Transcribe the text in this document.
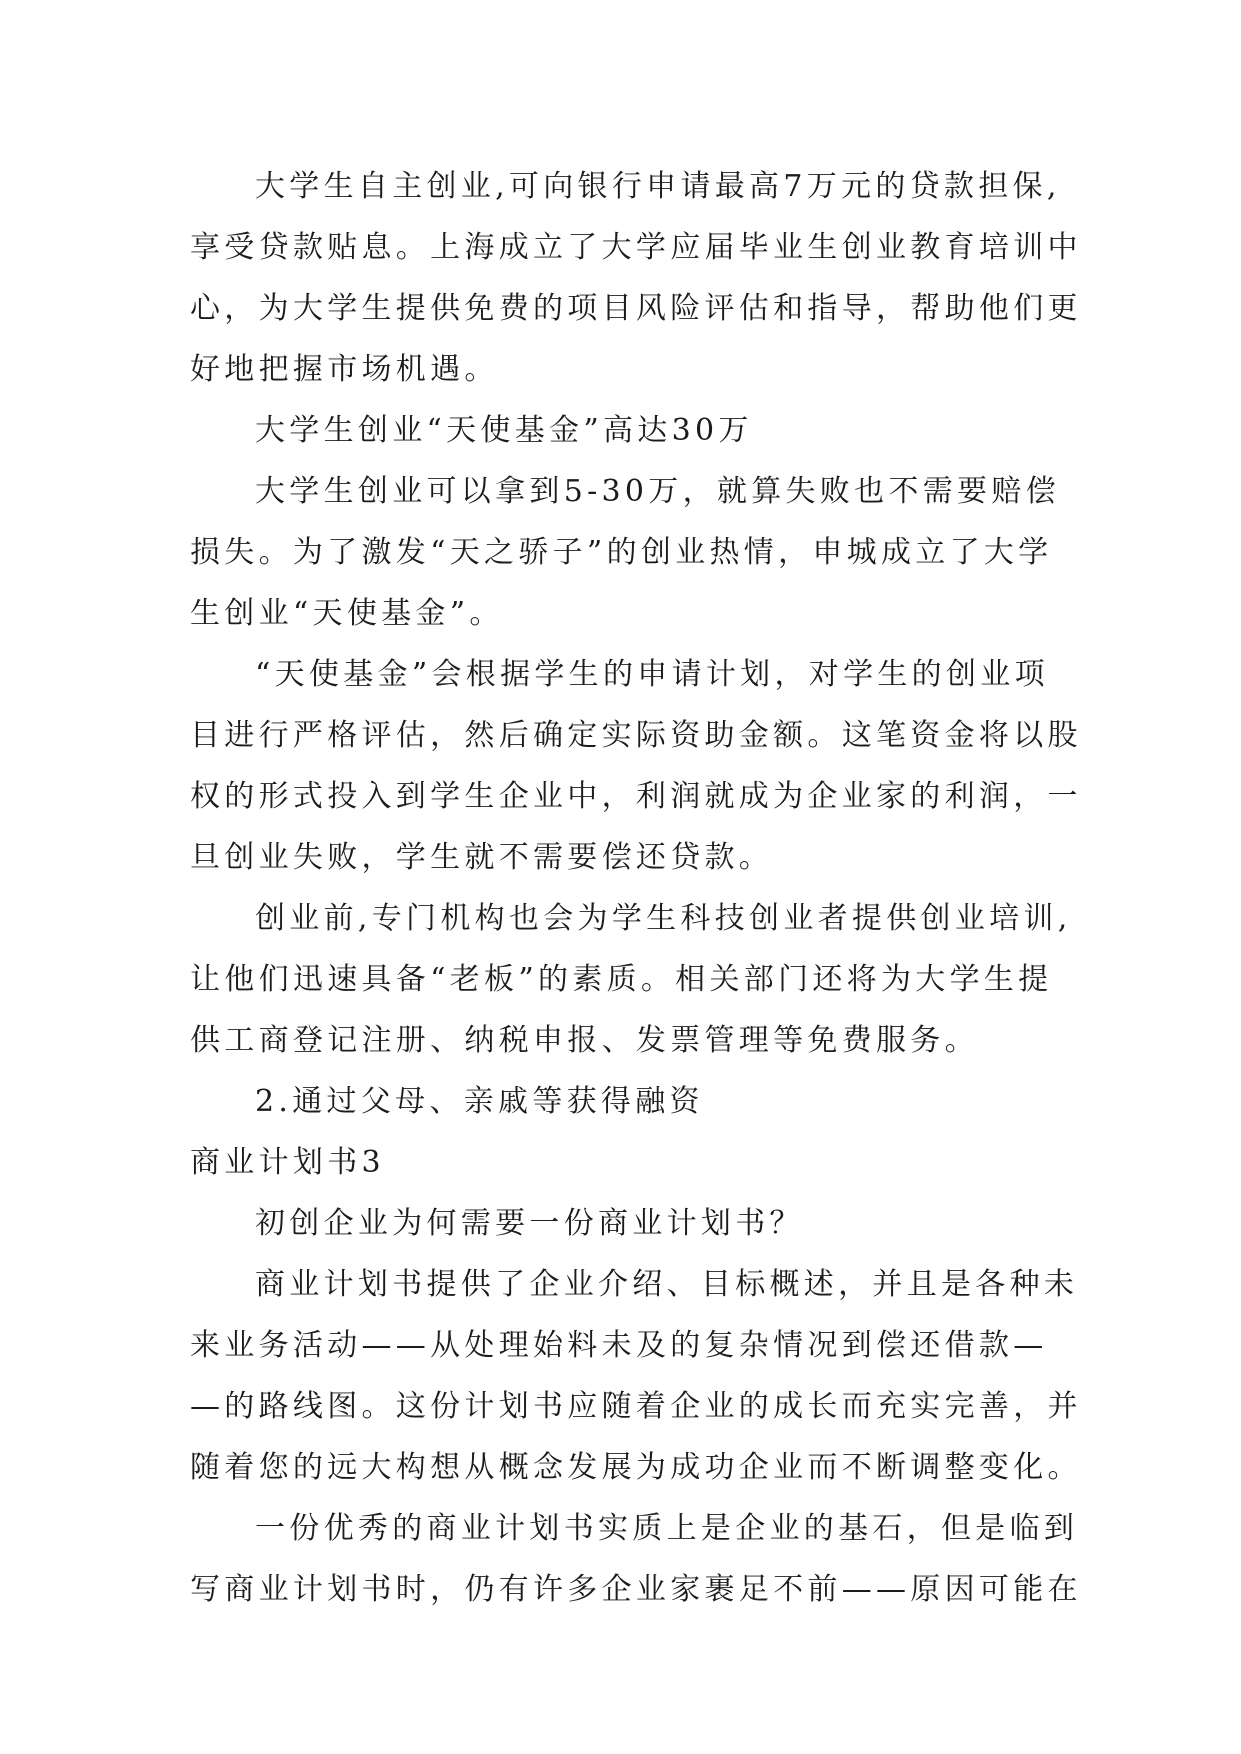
大学生自主创业,可向银行申请最高7万元的贷款担保,
享受贷款贴息。上海成立了大学应届毕业生创业教育培训中
心，为大学生提供免费的项目风险评估和指导，帮助他们更
好地把握市场机遇。
大学生创业“天使基金”高达30万
大学生创业可以拿到5-30万，就算失败也不需要赔偿
损失。为了激发“天之骄子”的创业热情，申城成立了大学
生创业“天使基金”。
“天使基金”会根据学生的申请计划，对学生的创业项
目进行严格评估，然后确定实际资助金额。这笔资金将以股
权的形式投入到学生企业中，利润就成为企业家的利润，一
旦创业失败，学生就不需要偿还贷款。
创业前,专门机构也会为学生科技创业者提供创业培训,
让他们迅速具备“老板”的素质。相关部门还将为大学生提
供工商登记注册、纳税申报、发票管理等免费服务。
2.通过父母、亲戚等获得融资
商业计划书3
初创企业为何需要一份商业计划书？
商业计划书提供了企业介绍、目标概述，并且是各种未
来业务活动——从处理始料未及的复杂情况到偿还借款—
—的路线图。这份计划书应随着企业的成长而充实完善，并
随着您的远大构想从概念发展为成功企业而不断调整变化。
一份优秀的商业计划书实质上是企业的基石，但是临到
写商业计划书时，仍有许多企业家裹足不前——原因可能在
